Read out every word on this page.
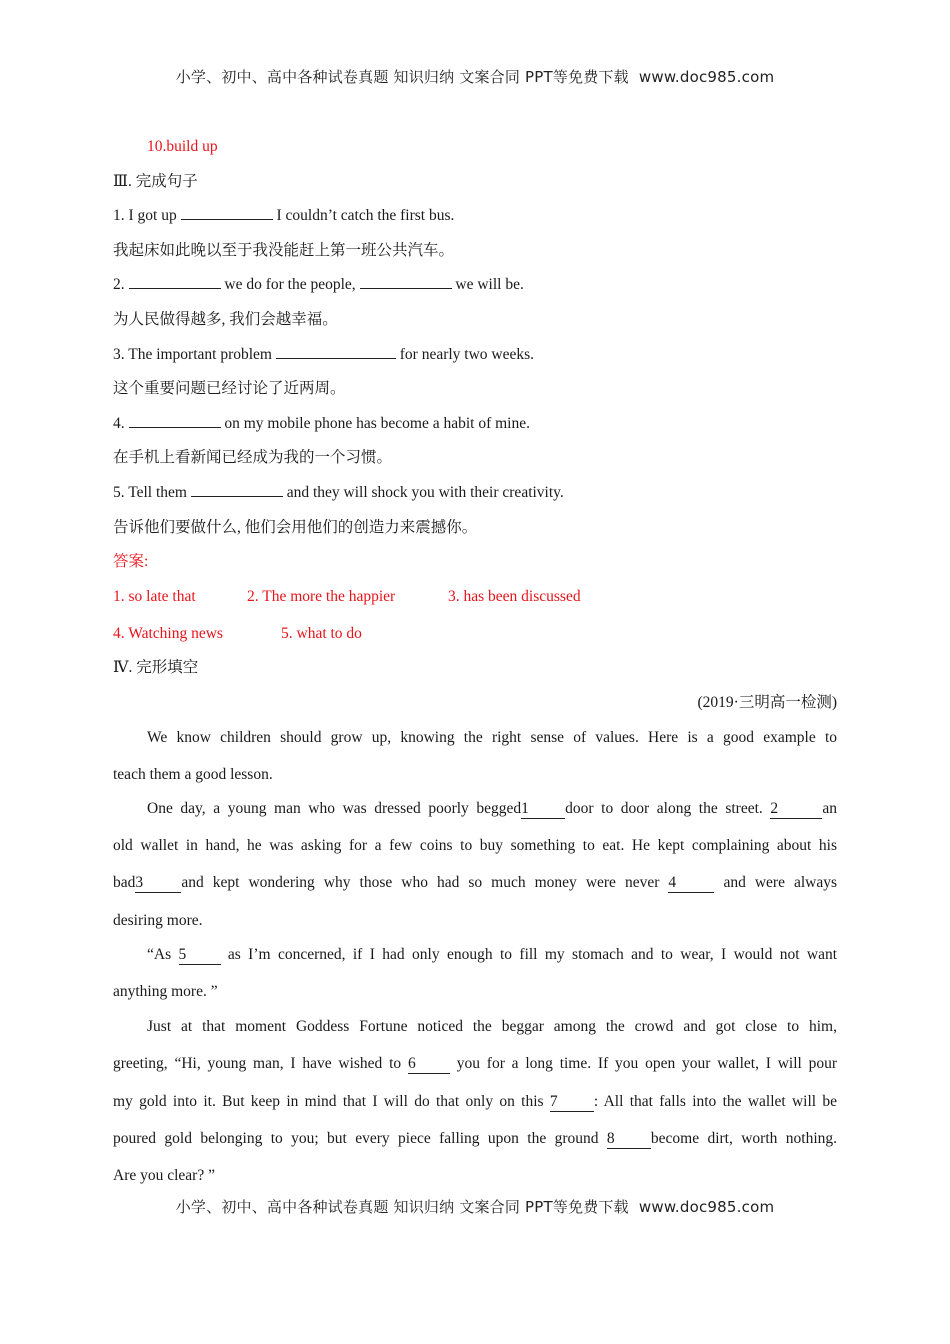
小学、初中、高中各种试卷真题 知识归纳 文案合同 PPT等免费下载 www.doc985.com
10.build up
Ⅲ. 完成句子
1. I got up	I couldn’t catch the first bus.
我起床如此晚以至于我没能赶上第一班公共汽车。
2.	we do for the people,	we will be.
为人民做得越多, 我们会越幸福。
3. The important problem	for nearly two weeks.
这个重要问题已经讨论了近两周。
4.	on my mobile phone has become a habit of mine.
在手机上看新闻已经成为我的一个习惯。
5. Tell them	and they will shock you with their creativity.
告诉他们要做什么, 他们会用他们的创造力来震撼你。
答案:
1. so late that	2. The more the happier	3. has been discussed
4. Watching news	5. what to do
Ⅳ. 完形填空
(2019·三明高一检测)
We know children should grow up, knowing the right sense of values. Here is a good example to
teach them a good lesson.
One day, a young man who was dressed poorly begged1 door to door along the street. 2	an
old wallet in hand, he was asking for a few coins to buy something to eat. He kept complaining about his
bad3 and kept wondering why those who had so much money were never 4	and were always
desiring more.
“As 5	as I’m concerned, if I had only enough to fill my stomach and to wear, I would not want
anything more. ”
Just at that moment Goddess Fortune noticed the beggar among the crowd and got close to him,
greeting, “Hi, young man, I have wished to 6	you for a long time. If you open your wallet, I will pour
my gold into it. But keep in mind that I will do that only on this 7 : All that falls into the wallet will be
poured gold belonging to you; but every piece falling upon the ground 8 become dirt, worth nothing.
Are you clear? ”
小学、初中、高中各种试卷真题 知识归纳 文案合同 PPT等免费下载 www.doc985.com
